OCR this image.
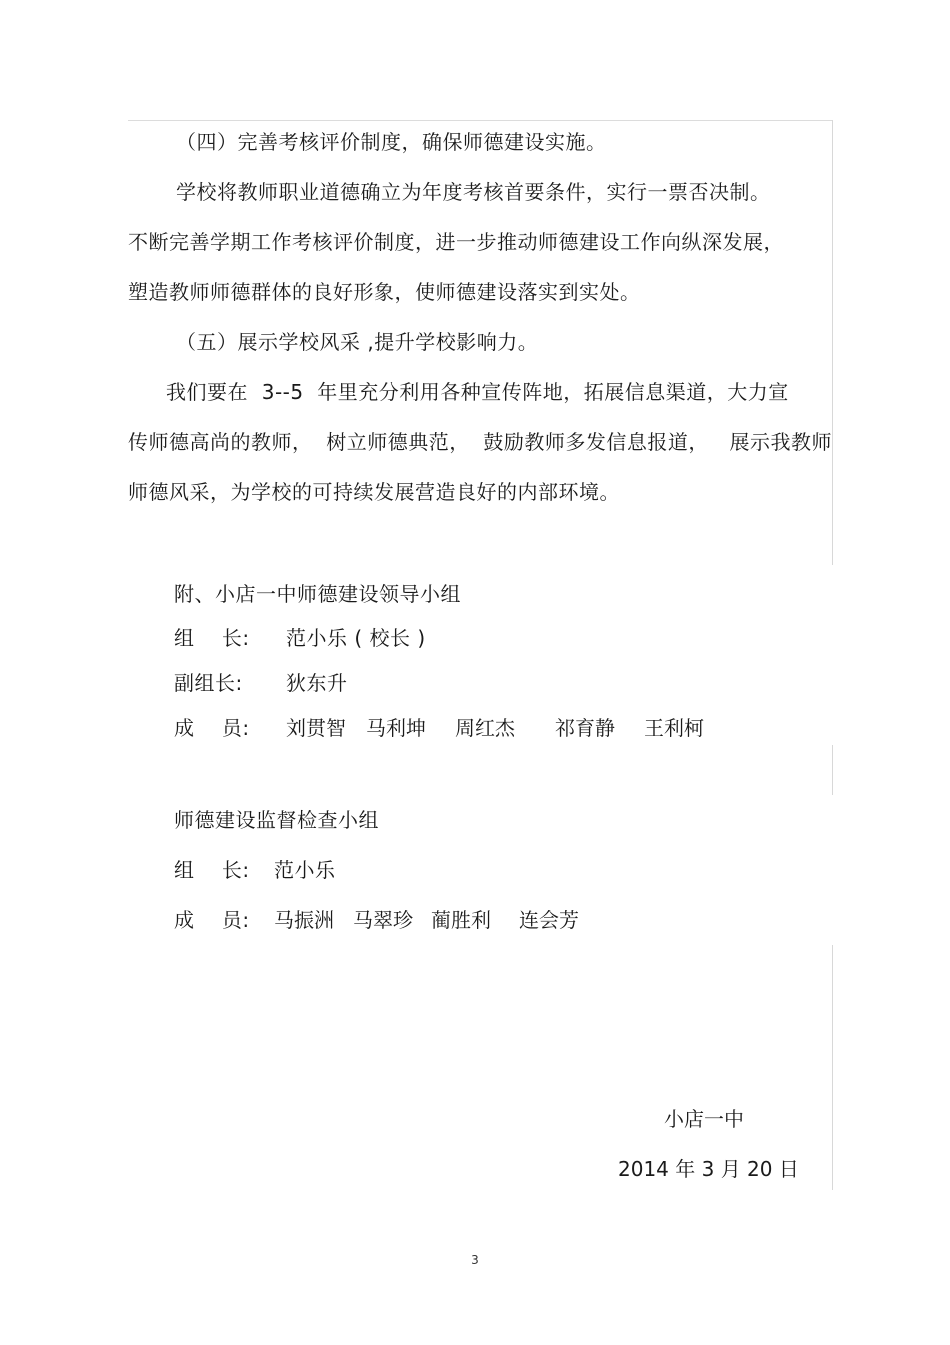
（四）完善考核评价制度，确保师德建设实施。
学校将教师职业道德确立为年度考核首要条件，实行一票否决制。
不断完善学期工作考核评价制度，进一步推动师德建设工作向纵深发展，
塑造教师师德群体的良好形象，使师德建设落实到实处。
（五）展示学校风采 ,提升学校影响力。
我们要在  3--5  年里充分利用各种宣传阵地，拓展信息渠道，大力宣
传师德高尚的教师，  树立师德典范，  鼓励教师多发信息报道，   展示我教师
师德风采，为学校的可持续发展营造良好的内部环境。
附、小店一中师德建设领导小组
组    长: 范小乐 ( 校长 )
副组长: 狄东升
成    员:

刘贯智

马利坤

周红杰

祁育静

王利柯

师德建设监督检查小组
组    长: 范小乐
成    员:

马振洲

马翠珍

蔺胜利

连会芳

小店一中
2014 年 3 月 20 日
3
